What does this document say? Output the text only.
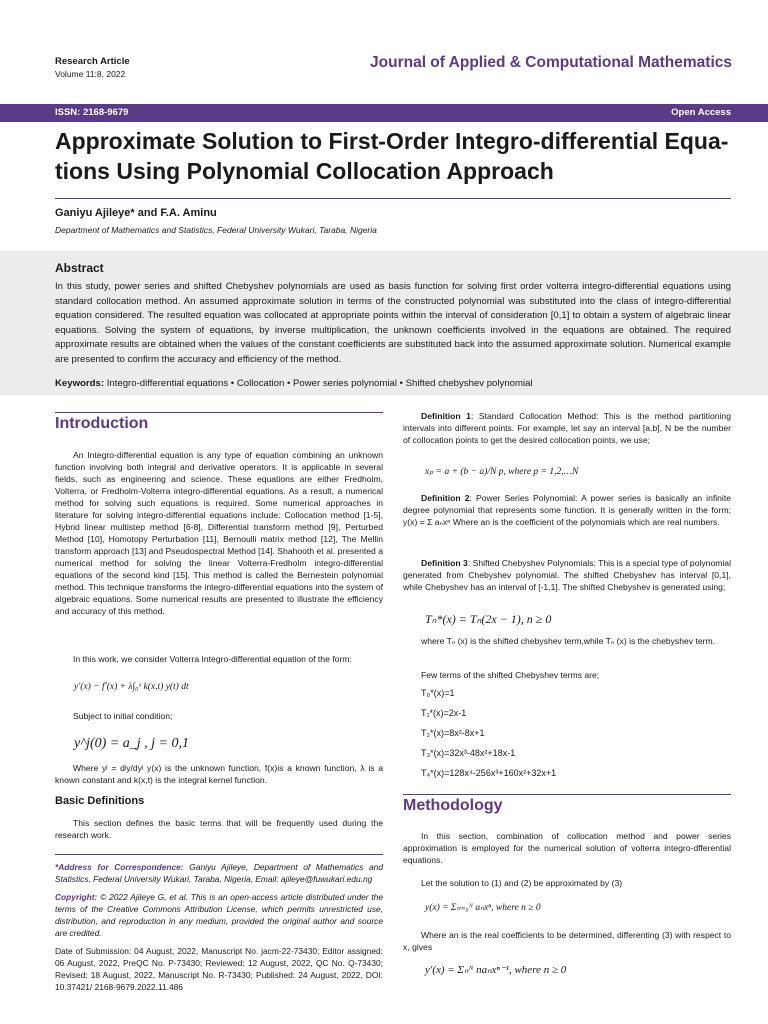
Research Article
Volume 11:8, 2022
Journal of Applied & Computational Mathematics
ISSN: 2168-9679	Open Access
Approximate Solution to First-Order Integro-differential Equa-
tions Using Polynomial Collocation Approach
Ganiyu Ajileye* and F.A. Aminu
Department of Mathematics and Statistics, Federal University Wukari, Taraba, Nigeria
Abstract
In this study, power series and shifted Chebyshev polynomials are used as basis function for solving first order volterra integro-differential equations using standard collocation method. An assumed approximate solution in terms of the constructed polynomial was substituted into the class of integro-differential equation considered. The resulted equation was collocated at appropriate points within the interval of consideration [0,1] to obtain a system of algebraic linear equations. Solving the system of equations, by inverse multiplication, the unknown coefficients involved in the equations are obtained. The required approximate results are obtained when the values of the constant coefficients are substituted back into the assumed approximate solution. Numerical example are presented to confirm the accuracy and efficiency of the method.
Keywords: Integro-differential equations • Collocation • Power series polynomial • Shifted chebyshev polynomial
Introduction
An Integro-differential equation is any type of equation combining an unknown function involving both integral and derivative operators. It is applicable in several fields, such as engineering and science. These equations are either Fredholm, Volterra, or Fredholm-Volterra integro-differential equations. As a result, a numerical method for solving such equations is required. Some numerical approaches in literature for solving integro-differential equations include: Collocation method [1-5], Hybrid linear multistep method [6-8], Differential transform method [9], Perturbed Method [10], Homotopy Perturbation [11], Bernoulli matrix method [12], The Mellin transform approach [13] and Pseudospectral Method [14]. Shahooth et al. presented a numerical method for solving the linear Volterra-Fredholm integro-differential equations of the second kind [15]. This method is called the Bernestein polynomial method. This technique transforms the integro-differential equations into the system of algebraic equations. Some numerical results are presented to illustrate the efficiency and accuracy of this method.
In this work, we consider Volterra Integro-differential equation of the form:
y′(x) − f′(x) + λ∫₀ˣ k(x,t) y(t) dt
Subject to initial condition;
y^j(0) = a_j , j = 0,1
Where yʲ = dʲy/dyʲ y(x) is the unknown function, f(x)is a known function, λ is a known constant and k(x,t) is the integral kernel function.
Basic Definitions
This section defines the basic terms that will be frequently used during the research work.
*Address for Correspondence: Ganiyu Ajileye, Department of Mathematics and Statistics, Federal University Wukari, Taraba, Nigeria, Email: ajileye@fuwukari.edu.ng
Copyright: © 2022 Ajileye G, et al. This is an open-access article distributed under the terms of the Creative Commons Attribution License, which permits unrestricted use, distribution, and reproduction in any medium, provided the original author and source are credited.
Date of Submission: 04 August, 2022, Manuscript No. jacm-22-73430; Editor assigned: 06 August, 2022, PreQC No. P-73430; Reviewed: 12 August, 2022, QC No. Q-73430; Revised: 18 August, 2022, Manuscript No. R-73430; Published: 24 August, 2022, DOI: 10.37421/ 2168-9679.2022.11.486
Definition 1: Standard Collocation Method: This is the method partitioning intervals into different points. For example, let say an interval [a,b], N be the number of collocation points to get the desired collocation points, we use;
xₚ = a + (b − a)/N p, where p = 1,2,…N
Definition 2: Power Series Polynomial: A power series is basically an infinite degree polynomial that represents some function. It is generally written in the form; y(x) = Σ aₙxⁿ Where an is the coefficient of the polynomials which are real numbers.
Definition 3: Shifted Chebyshev Polynomials: This is a special type of polynomial generated from Chebyshev polynomial. The shifted Chebyshev has interval [0,1], while Chebyshev has an interval of [-1,1]. The shifted Chebyshev is generated using;
Tₙ*(x) = Tₙ(2x − 1), n ≥ 0
where Tₙ (x) is the shifted chebyshev term,while Tₙ (x) is the chebyshev term.
Few terms of the shifted Chebyshev terms are;
T₀*(x)=1
T₁*(x)=2x-1
T₂*(x)=8x²-8x+1
T₃*(x)=32x³-48x²+18x-1
T₄*(x)=128x⁴-256x³+160x²+32x+1
Methodology
In this section, combination of collocation method and power series approximation is employed for the numerical solution of volterra integro-dfferential equations.
Let the solution to (1) and (2) be approximated by (3)
y(x) = Σₙ₌₀ᴺ aₙxⁿ, where n ≥ 0
Where an is the real coefficients to be determined, differenting (3) with respect to x, gives
y′(x) = Σₙᴺ naₙxⁿ⁻¹, where n ≥ 0
